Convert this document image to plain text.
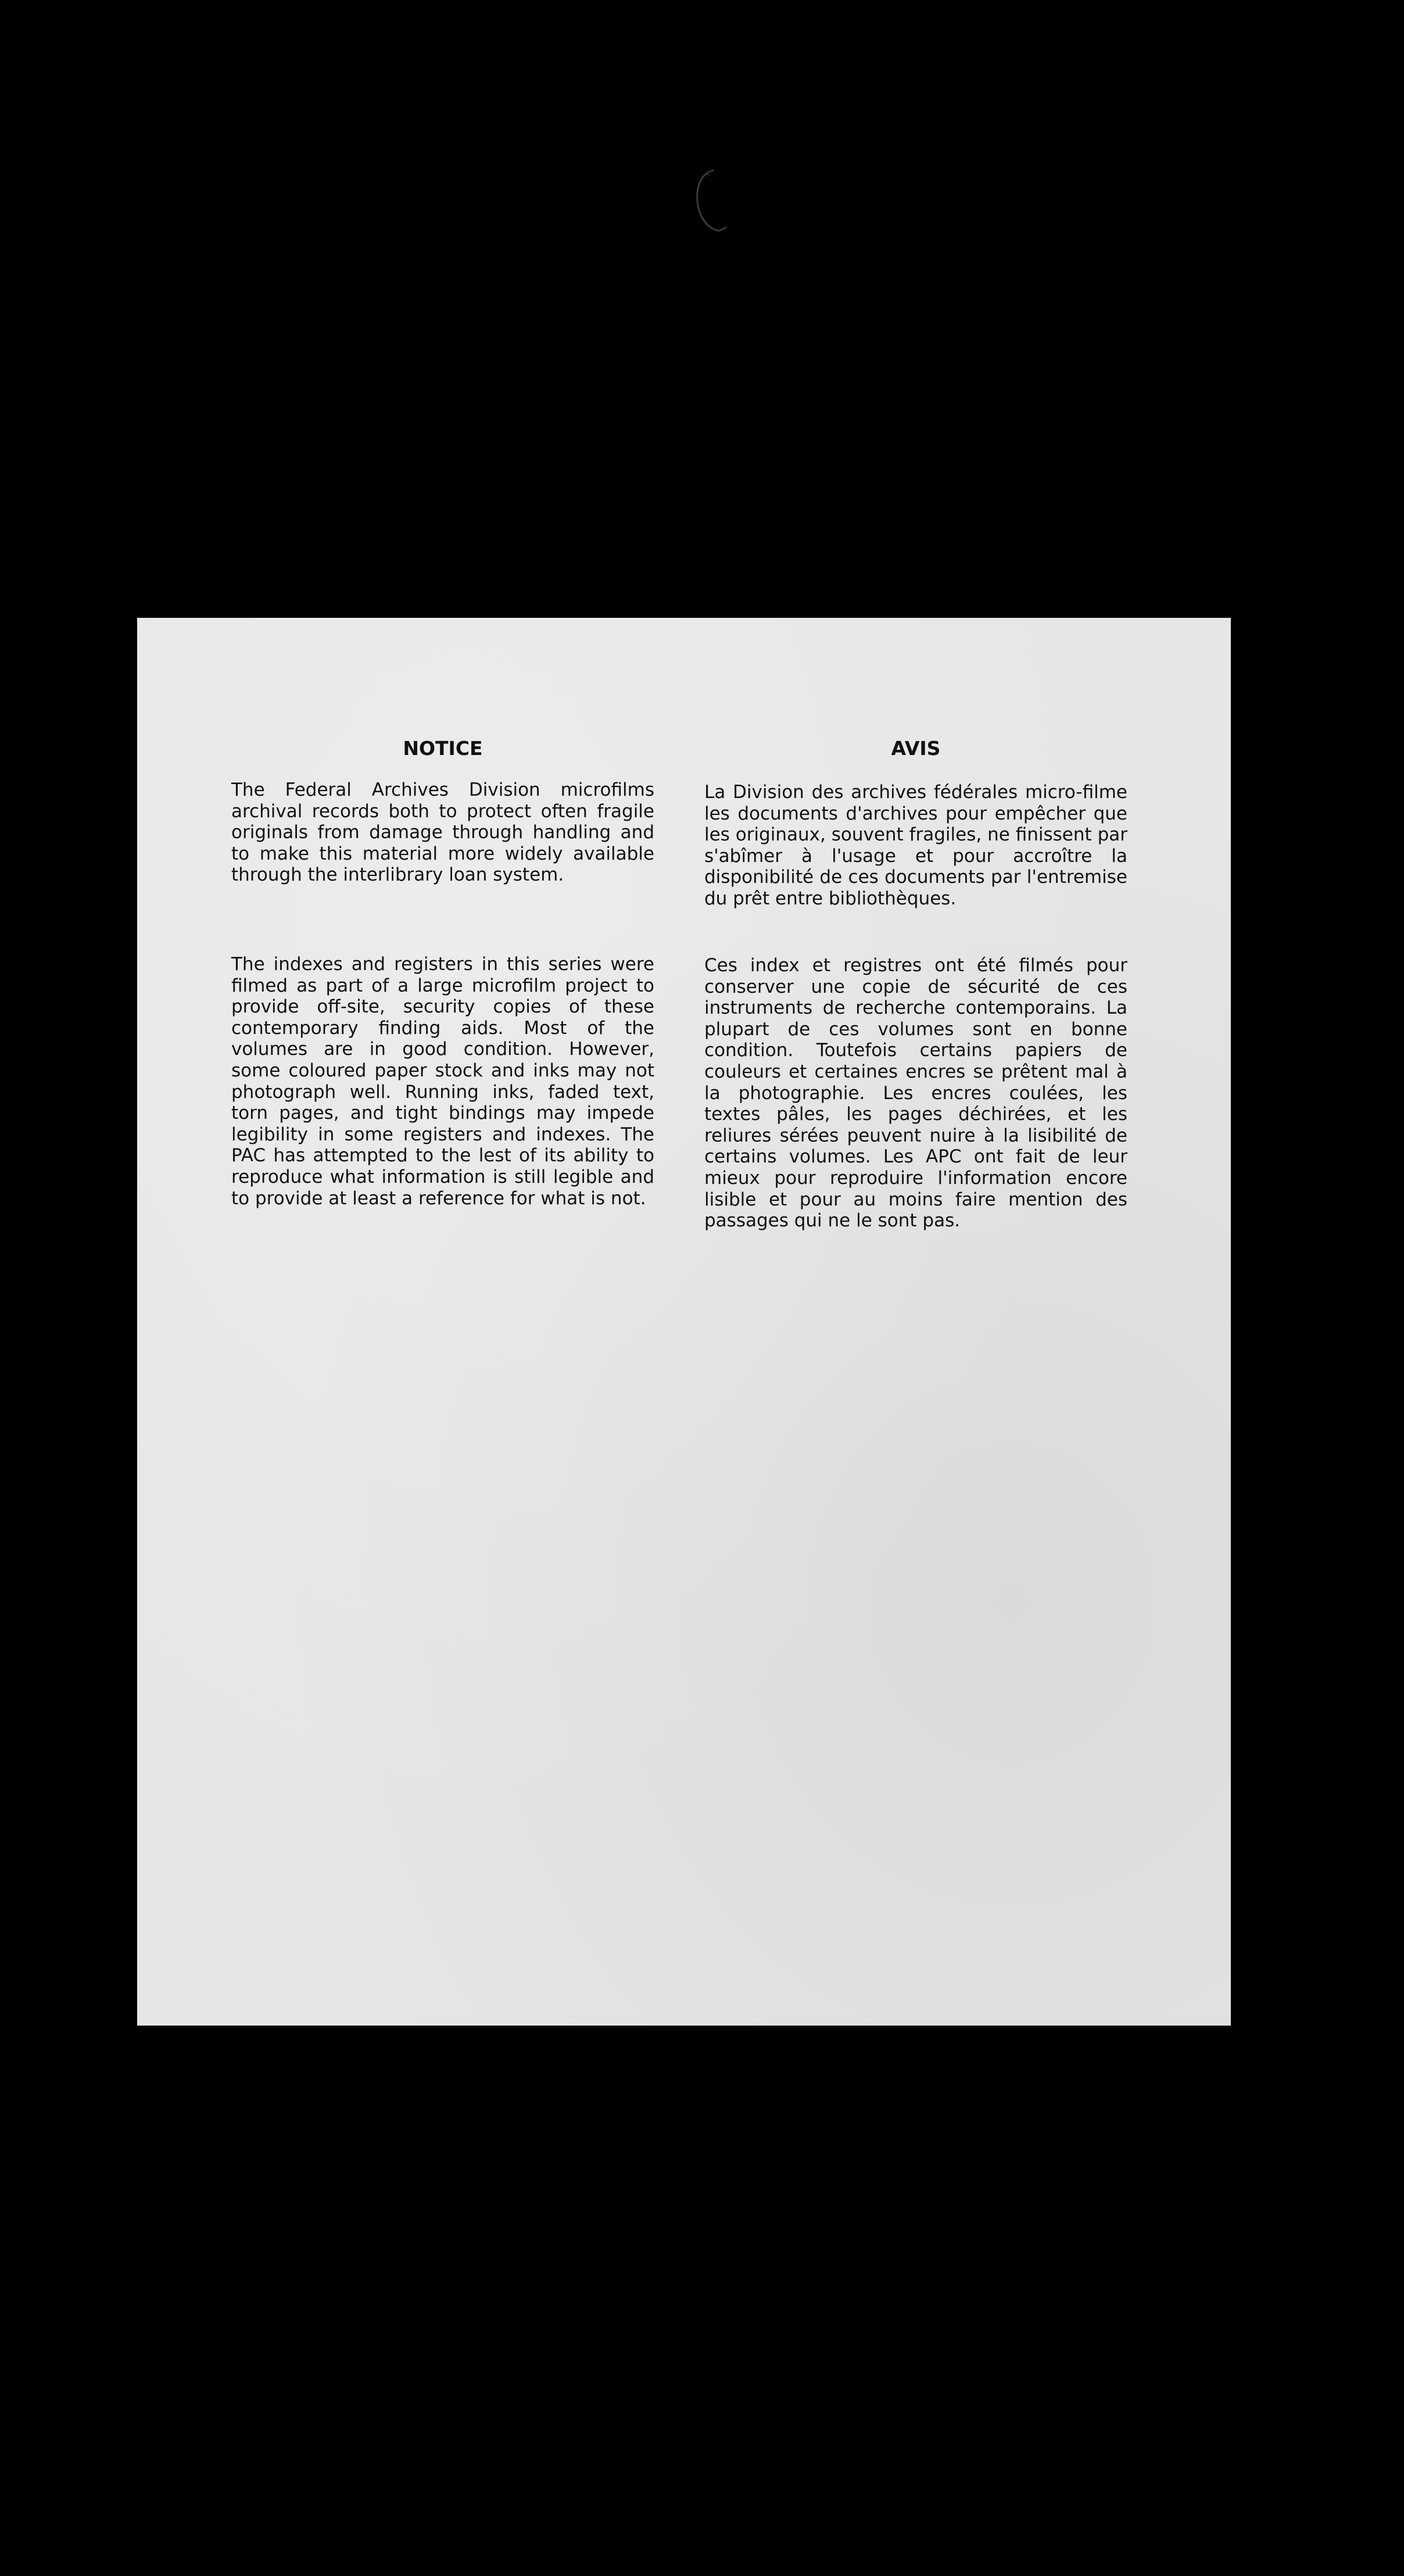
NOTICE

The Federal Archives Division microfilms archival records both to protect often fragile originals from damage through handling and to make this material more widely available through the interlibrary loan system.

The indexes and registers in this series were filmed as part of a large microfilm project to provide off-site, security copies of these contemporary finding aids. Most of the volumes are in good condition. However, some coloured paper stock and inks may not photograph well. Running inks, faded text, torn pages, and tight bindings may impede legibility in some registers and indexes. The PAC has attempted to the lest of its ability to reproduce what information is still legible and to provide at least a reference for what is not.

AVIS

La Division des archives fédérales micro-filme les documents d'archives pour empêcher que les originaux, souvent fragiles, ne finissent par s'abîmer à l'usage et pour accroître la disponibilité de ces documents par l'entremise du prêt entre bibliothèques.

Ces index et registres ont été filmés pour conserver une copie de sécurité de ces instruments de recherche contemporains. La plupart de ces volumes sont en bonne condition. Toutefois certains papiers de couleurs et certaines encres se prêtent mal à la photographie. Les encres coulées, les textes pâles, les pages déchirées, et les reliures sérées peuvent nuire à la lisibilité de certains volumes. Les APC ont fait de leur mieux pour reproduire l'information encore lisible et pour au moins faire mention des passages qui ne le sont pas.
